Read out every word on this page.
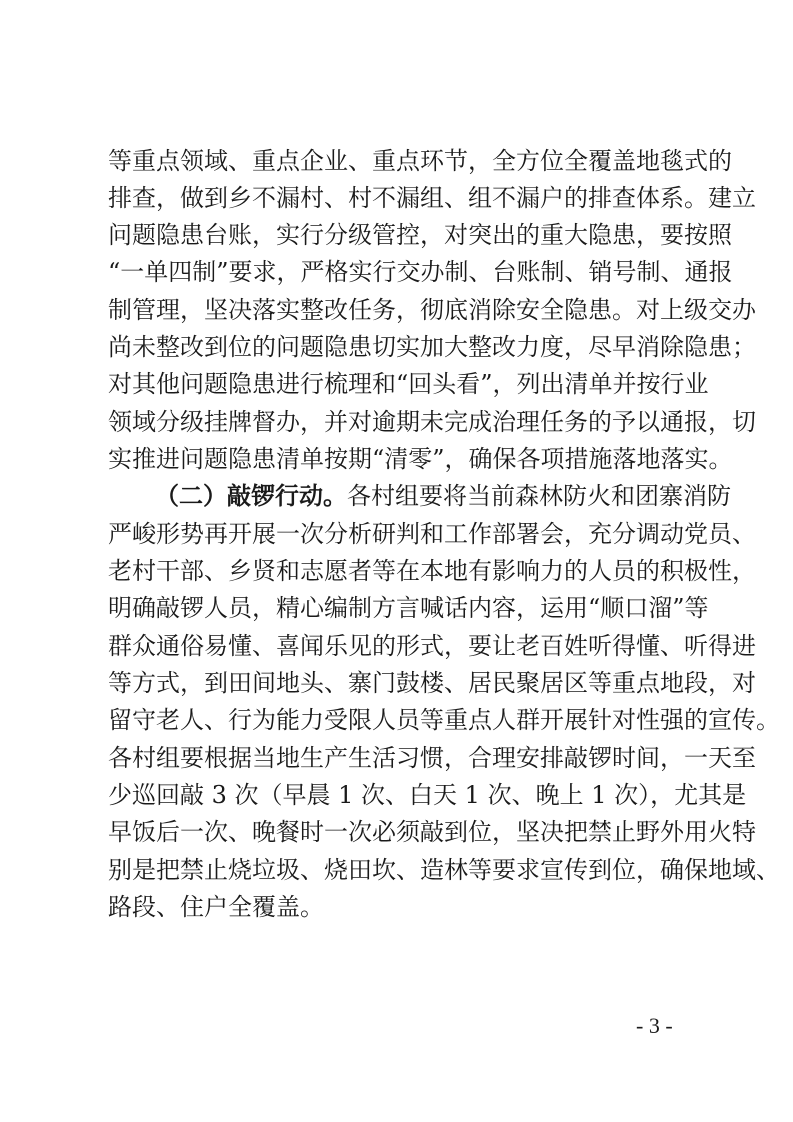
等重点领域、重点企业、重点环节，全方位全覆盖地毯式的
排查，做到乡不漏村、村不漏组、组不漏户的排查体系。建立
问题隐患台账，实行分级管控，对突出的重大隐患，要按照
“一单四制”要求，严格实行交办制、台账制、销号制、通报
制管理，坚决落实整改任务，彻底消除安全隐患。对上级交办
尚未整改到位的问题隐患切实加大整改力度，尽早消除隐患；
对其他问题隐患进行梳理和“回头看”，列出清单并按行业
领域分级挂牌督办，并对逾期未完成治理任务的予以通报，切
实推进问题隐患清单按期“清零”，确保各项措施落地落实。
（二）敲锣行动。各村组要将当前森林防火和团寨消防
严峻形势再开展一次分析研判和工作部署会，充分调动党员、
老村干部、乡贤和志愿者等在本地有影响力的人员的积极性，
明确敲锣人员，精心编制方言喊话内容，运用“顺口溜”等
群众通俗易懂、喜闻乐见的形式，要让老百姓听得懂、听得进
等方式，到田间地头、寨门鼓楼、居民聚居区等重点地段，对
留守老人、行为能力受限人员等重点人群开展针对性强的宣传。
各村组要根据当地生产生活习惯，合理安排敲锣时间，一天至
少巡回敲 3 次（早晨 1 次、白天 1 次、晚上 1 次），尤其是
早饭后一次、晚餐时一次必须敲到位，坚决把禁止野外用火特
别是把禁止烧垃圾、烧田坎、造林等要求宣传到位，确保地域、
路段、住户全覆盖。
- 3 -
